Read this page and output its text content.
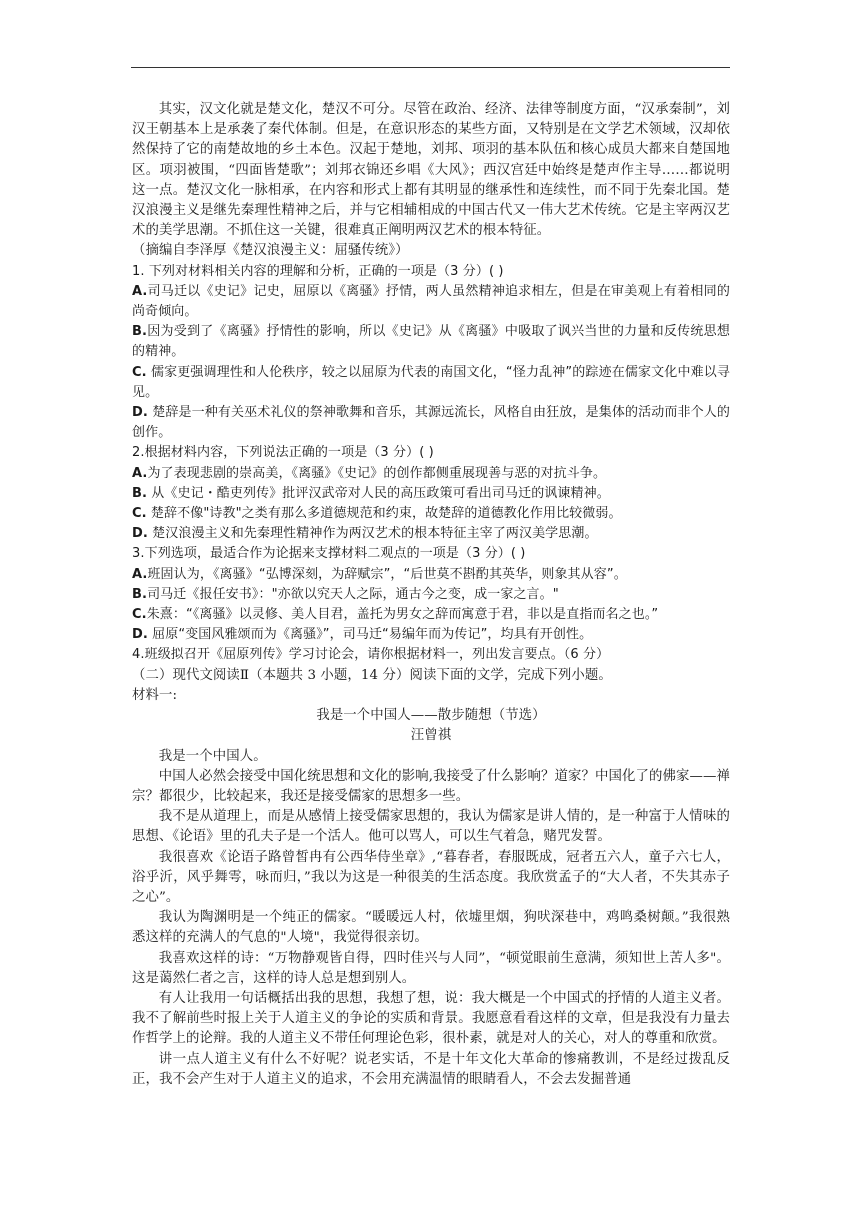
其实，汉文化就是楚文化，楚汉不可分。尽管在政治、经济、法律等制度方面，“汉承秦制”，刘汉王朝基本上是承袭了秦代体制。但是，在意识形态的某些方面，又特别是在文学艺术领域，汉却依然保持了它的南楚故地的乡土本色。汉起于楚地，刘邦、项羽的基本队伍和核心成员大都来自楚国地区。项羽被围，“四面皆楚歌”；刘邦衣锦还乡唱《大风》；西汉宫廷中始终是楚声作主导……都说明这一点。楚汉文化一脉相承，在内容和形式上都有其明显的继承性和连续性，而不同于先秦北国。楚汉浪漫主义是继先秦理性精神之后，并与它相辅相成的中国古代又一伟大艺术传统。它是主宰两汉艺术的美学思潮。不抓住这一关键，很难真正阐明两汉艺术的根本特征。

（摘编自李泽厚《楚汉浪漫主义：屈骚传统》）

1. 下列对材料相关内容的理解和分析，正确的一项是（3 分）( )

A.司马迁以《史记》记史，屈原以《离骚》抒情，两人虽然精神追求相左，但是在审美观上有着相同的尚奇倾向。

B.因为受到了《离骚》抒情性的影响，所以《史记》从《离骚》中吸取了讽兴当世的力量和反传统思想的精神。

C. 儒家更强调理性和人伦秩序，较之以屈原为代表的南国文化，“怪力乱神”的踪迹在儒家文化中难以寻见。

D. 楚辞是一种有关巫术礼仪的祭神歌舞和音乐，其源远流长，风格自由狂放，是集体的活动而非个人的创作。

2.根据材料内容，下列说法正确的一项是（3 分）( )

A.为了表现悲剧的崇高美，《离骚》《史记》的创作都侧重展现善与恶的对抗斗争。

B. 从《史记・酷吏列传》批评汉武帝对人民的高压政策可看出司马迁的讽谏精神。

C. 楚辞不像"诗教"之类有那么多道德规范和约束，故楚辞的道德教化作用比较微弱。

D. 楚汉浪漫主义和先秦理性精神作为两汉艺术的根本特征主宰了两汉美学思潮。

3.下列选项，最适合作为论据来支撑材料二观点的一项是（3 分）( )

A.班固认为，《离骚》“弘博深刻，为辞赋宗”，“后世莫不斟酌其英华，则象其从容”。

B.司马迁《报任安书》："亦欲以究天人之际，通古今之变，成一家之言。"

C.朱熹：“《离骚》以灵修、美人目君，盖托为男女之辞而寓意于君，非以是直指而名之也。”

D. 屈原“变国风雅颂而为《离骚》”，司马迁“易编年而为传记”，均具有开创性。

4.班级拟召开《屈原列传》学习讨论会，请你根据材料一，列出发言要点。（6 分）

（二）现代文阅读Ⅱ（本题共 3 小题，14 分）阅读下面的文学，完成下列小题。

材料一:

我是一个中国人——散步随想（节选）

汪曾祺

我是一个中国人。

中国人必然会接受中国化统思想和文化的影响,我接受了什么影响？道家？中国化了的佛家——禅宗？都很少，比较起来，我还是接受儒家的思想多一些。

我不是从道理上，而是从感情上接受儒家思想的，我认为儒家是讲人情的，是一种富于人情味的思想、《论语》里的孔夫子是一个活人。他可以骂人，可以生气着急，赌咒发誓。

我很喜欢《论语子路曾皙冉有公西华侍坐章》,“暮春者，春服既成，冠者五六人，童子六七人，浴乎沂，风乎舞雩，咏而归，”我以为这是一种很美的生活态度。我欣赏孟子的“大人者，不失其赤子之心”。

我认为陶渊明是一个纯正的儒家。“暖暖远人村，依墟里烟，狗吠深巷中，鸡鸣桑树颠。”我很熟悉这样的充满人的气息的"人境"，我觉得很亲切。

我喜欢这样的诗：“万物静观皆自得，四时佳兴与人同”，“顿觉眼前生意满，须知世上苦人多"。这是蔼然仁者之言，这样的诗人总是想到别人。

有人让我用一句话概括出我的思想，我想了想，说：我大概是一个中国式的抒情的人道主义者。我不了解前些时报上关于人道主义的争论的实质和背景。我愿意看看这样的文章，但是我没有力量去作哲学上的论辩。我的人道主义不带任何理论色彩，很朴素，就是对人的关心，对人的尊重和欣赏。

讲一点人道主义有什么不好呢？说老实话，不是十年文化大革命的惨痛教训，不是经过拨乱反正，我不会产生对于人道主义的追求，不会用充满温情的眼睛看人，不会去发掘普通
